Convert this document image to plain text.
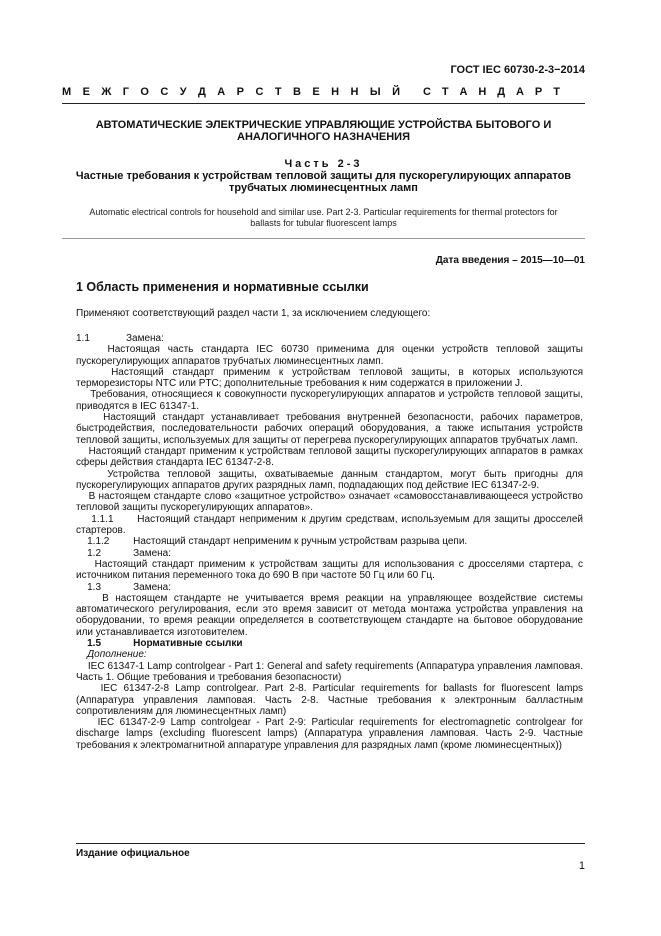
ГОСТ IEC 60730-2-3−2014
М Е Ж Г О С У Д А Р С Т В Е Н Н Ы Й С Т А Н Д А Р Т
АВТОМАТИЧЕСКИЕ ЭЛЕКТРИЧЕСКИЕ УПРАВЛЯЮЩИЕ УСТРОЙСТВА БЫТОВОГО И
АНАЛОГИЧНОГО НАЗНАЧЕНИЯ
Часть 2-3
Частные требования к устройствам тепловой защиты для пускорегулирующих аппаратов
трубчатых люминесцентных ламп
Automatic electrical controls for household and similar use. Part 2-3. Particular requirements for thermal protectors for
ballasts for tubular fluorescent lamps
Дата введения – 2015—10—01
1 Область применения и нормативные ссылки
Применяют соответствующий раздел части 1, за исключением следующего:

1.1	Замена:

Настоящая часть стандарта IEC 60730 применима для оценки устройств тепловой защиты пускорегулирующих аппаратов трубчатых люминесцентных ламп.

Настоящий стандарт применим к устройствам тепловой защиты, в которых используются терморезисторы NTC или PTC; дополнительные требования к ним содержатся в приложении J.

Требования, относящиеся к совокупности пускорегулирующих аппаратов и устройств тепловой защиты, приводятся в IEC 61347-1.

Настоящий стандарт устанавливает требования внутренней безопасности, рабочих параметров, быстродействия, последовательности рабочих операций оборудования, а также испытания устройств тепловой защиты, используемых для защиты от перегрева пускорегулирующих аппаратов трубчатых ламп.

Настоящий стандарт применим к устройствам тепловой защиты пускорегулирующих аппаратов в рамках сферы действия стандарта IEC 61347-2-8.

Устройства тепловой защиты, охватываемые данным стандартом, могут быть пригодны для пускорегулирующих аппаратов других разрядных ламп, подпадающих под действие IEC 61347-2-9.

В настоящем стандарте слово «защитное устройство» означает «самовосстанавливающееся устройство тепловой защиты пускорегулирующих аппаратов».

1.1.1 Настоящий стандарт неприменим к другим средствам, используемым для защиты дросселей стартеров.

1.1.2 Настоящий стандарт неприменим к ручным устройствам разрыва цепи.

1.2	Замена:

Настоящий стандарт применим к устройствам защиты для использования с дросселями стартера, с источником питания переменного тока до 690 В при частоте 50 Гц или 60 Гц.

1.3	Замена:

В настоящем стандарте не учитывается время реакции на управляющее воздействие системы автоматического регулирования, если это время зависит от метода монтажа устройства управления на оборудовании, то время реакции определяется в соответствующем стандарте на бытовое оборудование или устанавливается изготовителем.

1.5	Нормативные ссылки

Дополнение:

IEC 61347-1 Lamp controlgear - Part 1: General and safety requirements (Аппаратура управления ламповая. Часть 1. Общие требования и требования безопасности)

IEC 61347-2-8 Lamp controlgear. Part 2-8. Particular requirements for ballasts for fluorescent lamps (Аппаратура управления ламповая. Часть 2-8. Частные требования к электронным балластным сопротивлениям для люминесцентных ламп)

IEC 61347-2-9 Lamp controlgear - Part 2-9: Particular requirements for electromagnetic controlgear for discharge lamps (excluding fluorescent lamps) (Аппаратура управления ламповая. Часть 2-9. Частные требования к электромагнитной аппаратуре управления для разрядных ламп (кроме люминесцентных))

Издание официальное
1
